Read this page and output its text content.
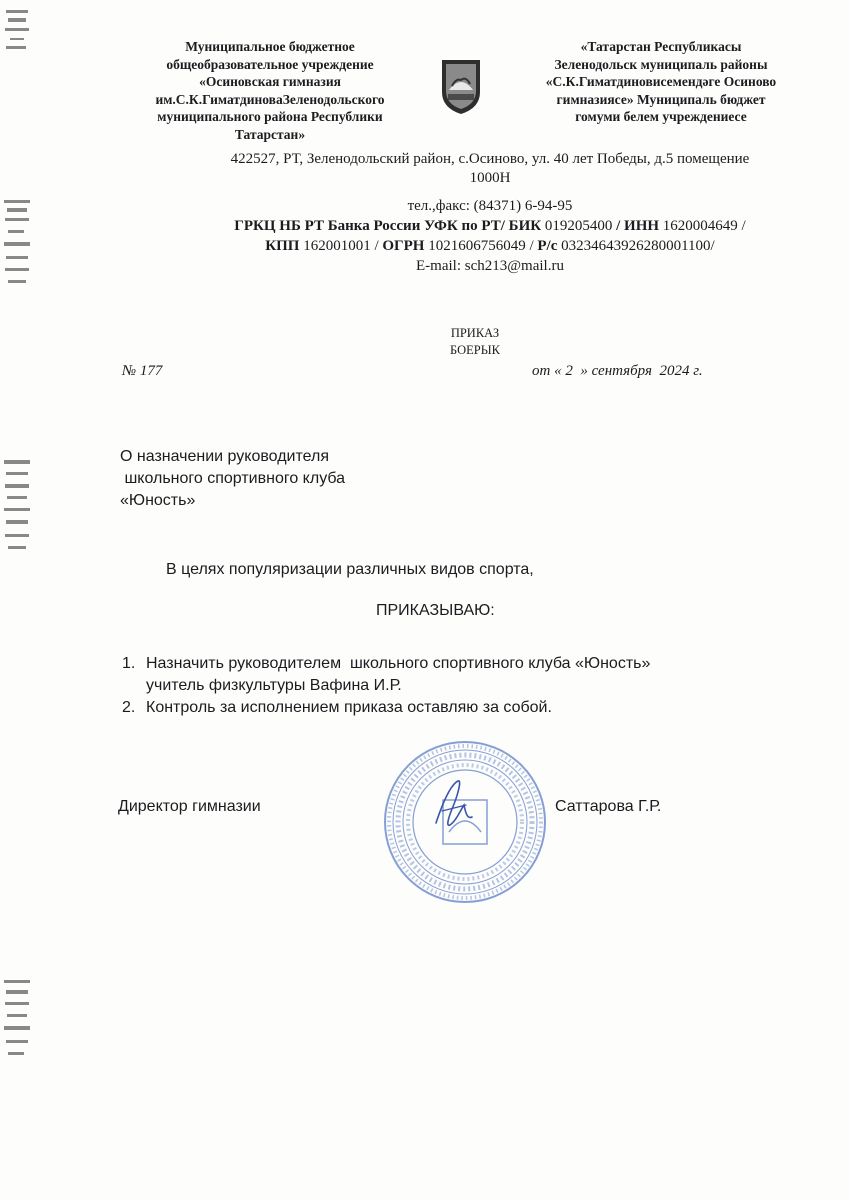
Муниципальное бюджетное
общеобразовательное учреждение
«Осиновская гимназия
им.С.К.ГиматдиноваЗеленодольского
муниципального района Республики
Татарстан»
«Татарстан Республикасы
Зеленодольск муниципаль районы
«С.К.Гиматдиновисемендәге Осиново
гимназиясе» Муниципаль бюджет
гомуми белем учреждениесе
422527, РТ, Зеленодольский район, с.Осиново, ул. 40 лет Победы, д.5 помещение
1000Н
тел.,факс: (84371) 6-94-95
ГРКЦ НБ РТ Банка России УФК по РТ/ БИК 019205400 / ИНН 1620004649 /
КПП 162001001 / ОГРН 1021606756049 / Р/с 03234643926280001100/
E-mail: sch213@mail.ru
ПРИКАЗ
БОЕРЫК
№ 177	от « 2  » сентября  2024 г.
О назначении руководителя
школьного спортивного клуба
«Юность»
В целях популяризации различных видов спорта,
ПРИКАЗЫВАЮ:
1. Назначить руководителем  школьного спортивного клуба «Юность»
учитель физкультуры Вафина И.Р.
2. Контроль за исполнением приказа оставляю за собой.
Директор гимназии	Саттарова Г.Р.
